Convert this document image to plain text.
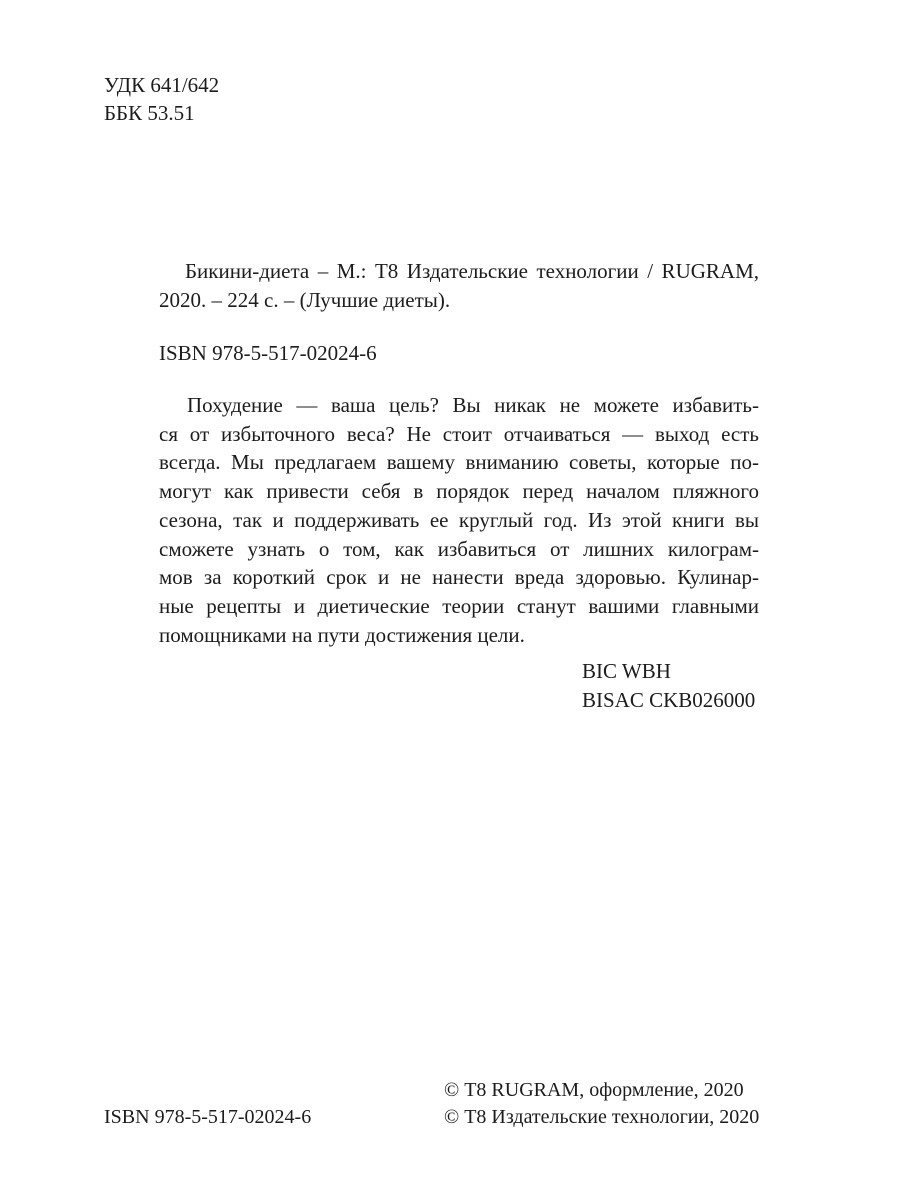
УДК 641/642
ББК 53.51
Бикини-диета – М.: Т8 Издательские технологии / RUGRAM, 2020. – 224 с. – (Лучшие диеты).
ISBN 978-5-517-02024-6
Похудение — ваша цель? Вы никак не можете избавить-
ся от избыточного веса? Не стоит отчаиваться — выход есть
всегда. Мы предлагаем вашему вниманию советы, которые по-
могут как привести себя в порядок перед началом пляжного
сезона, так и поддерживать ее круглый год. Из этой книги вы
сможете узнать о том, как избавиться от лишних килограм-
мов за короткий срок и не нанести вреда здоровью. Кулинар-
ные рецепты и диетические теории станут вашими главными
помощниками на пути достижения цели.
BIC WBH
BISAC CKB026000
ISBN 978-5-517-02024-6
© Т8 RUGRAM, оформление, 2020
© Т8 Издательские технологии, 2020
